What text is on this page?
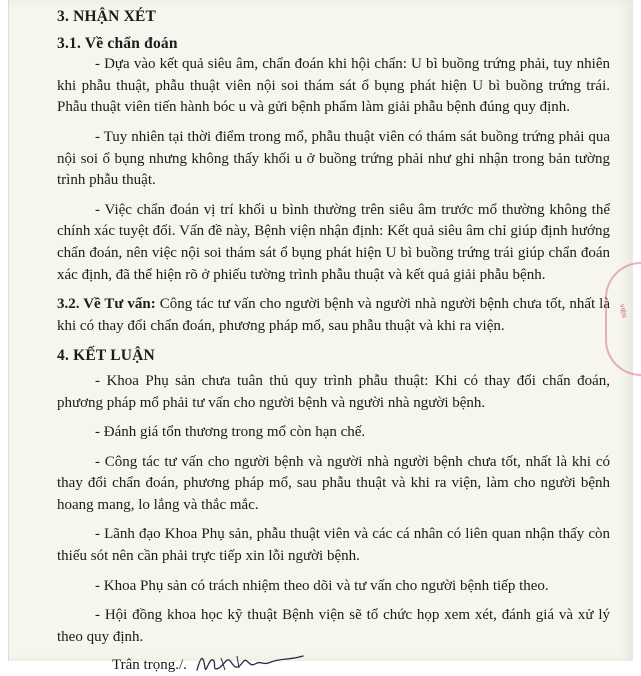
3. NHẬN XÉT
3.1. Về chẩn đoán

- Dựa vào kết quả siêu âm, chẩn đoán khi hội chẩn: U bì buồng trứng phải, tuy nhiên khi phẫu thuật, phẫu thuật viên nội soi thám sát ổ bụng phát hiện U bì buồng trứng trái. Phẫu thuật viên tiến hành bóc u và gửi bệnh phẩm làm giải phẫu bệnh đúng quy định.

- Tuy nhiên tại thời điểm trong mổ, phẫu thuật viên có thám sát buồng trứng phải qua nội soi ổ bụng nhưng không thấy khối u ở buồng trứng phải như ghi nhận trong bản tường trình phẫu thuật.

- Việc chẩn đoán vị trí khối u bình thường trên siêu âm trước mổ thường không thể chính xác tuyệt đối. Vấn đề này, Bệnh viện nhận định: Kết quả siêu âm chỉ giúp định hướng chẩn đoán, nên việc nội soi thám sát ổ bụng phát hiện U bì buồng trứng trái giúp chẩn đoán xác định, đã thể hiện rõ ở phiếu tường trình phẫu thuật và kết quả giải phẫu bệnh.

3.2. Về Tư vấn: Công tác tư vấn cho người bệnh và người nhà người bệnh chưa tốt, nhất là khi có thay đổi chẩn đoán, phương pháp mổ, sau phẫu thuật và khi ra viện.

4. KẾT LUẬN

- Khoa Phụ sản chưa tuân thủ quy trình phẫu thuật: Khi có thay đổi chẩn đoán, phương pháp mổ phải tư vấn cho người bệnh và người nhà người bệnh.

- Đánh giá tổn thương trong mổ còn hạn chế.

- Công tác tư vấn cho người bệnh và người nhà người bệnh chưa tốt, nhất là khi có thay đổi chẩn đoán, phương pháp mổ, sau phẫu thuật và khi ra viện, làm cho người bệnh hoang mang, lo lắng và thắc mắc.

- Lãnh đạo Khoa Phụ sản, phẫu thuật viên và các cá nhân có liên quan nhận thấy còn thiếu sót nên cần phải trực tiếp xin lỗi người bệnh.

- Khoa Phụ sản có trách nhiệm theo dõi và tư vấn cho người bệnh tiếp theo.

- Hội đồng khoa học kỹ thuật Bệnh viện sẽ tổ chức họp xem xét, đánh giá và xử lý theo quy định.

Trân trọng./.
VIỆN
